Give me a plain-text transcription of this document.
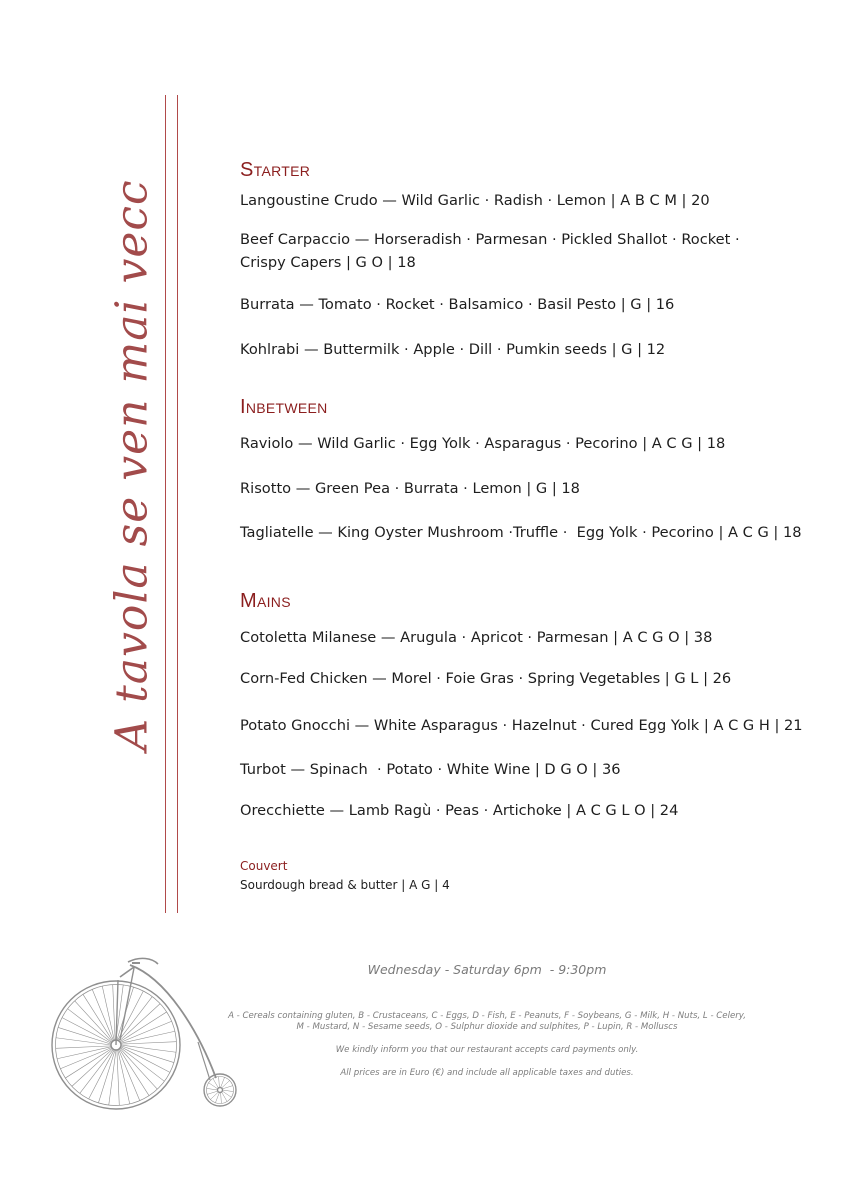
A tavola se ven mai vecc
Starter
Langoustine Crudo — Wild Garlic · Radish · Lemon | A B C M | 20
Beef Carpaccio — Horseradish · Parmesan · Pickled Shallot · Rocket ·
Crispy Capers | G O | 18
Burrata — Tomato · Rocket · Balsamico · Basil Pesto | G | 16
Kohlrabi — Buttermilk · Apple · Dill · Pumkin seeds | G | 12
Inbetween
Raviolo — Wild Garlic · Egg Yolk · Asparagus · Pecorino | A C G | 18
Risotto — Green Pea · Burrata · Lemon | G | 18
Tagliatelle — King Oyster Mushroom ·Truffle ·  Egg Yolk · Pecorino | A C G | 18
Mains
Cotoletta Milanese — Arugula · Apricot · Parmesan | A C G O | 38
Corn-Fed Chicken — Morel · Foie Gras · Spring Vegetables | G L | 26
Potato Gnocchi — White Asparagus · Hazelnut · Cured Egg Yolk | A C G H | 21
Turbot — Spinach  · Potato · White Wine | D G O | 36
Orecchiette — Lamb Ragù · Peas · Artichoke | A C G L O | 24
Couvert
Sourdough bread & butter | A G | 4
Wednesday - Saturday 6pm  - 9:30pm
A - Cereals containing gluten, B - Crustaceans, C - Eggs, D - Fish, E - Peanuts, F - Soybeans, G - Milk, H - Nuts, L - Celery,
M - Mustard, N - Sesame seeds, O - Sulphur dioxide and sulphites, P - Lupin, R - Molluscs
We kindly inform you that our restaurant accepts card payments only.
All prices are in Euro (€) and include all applicable taxes and duties.
